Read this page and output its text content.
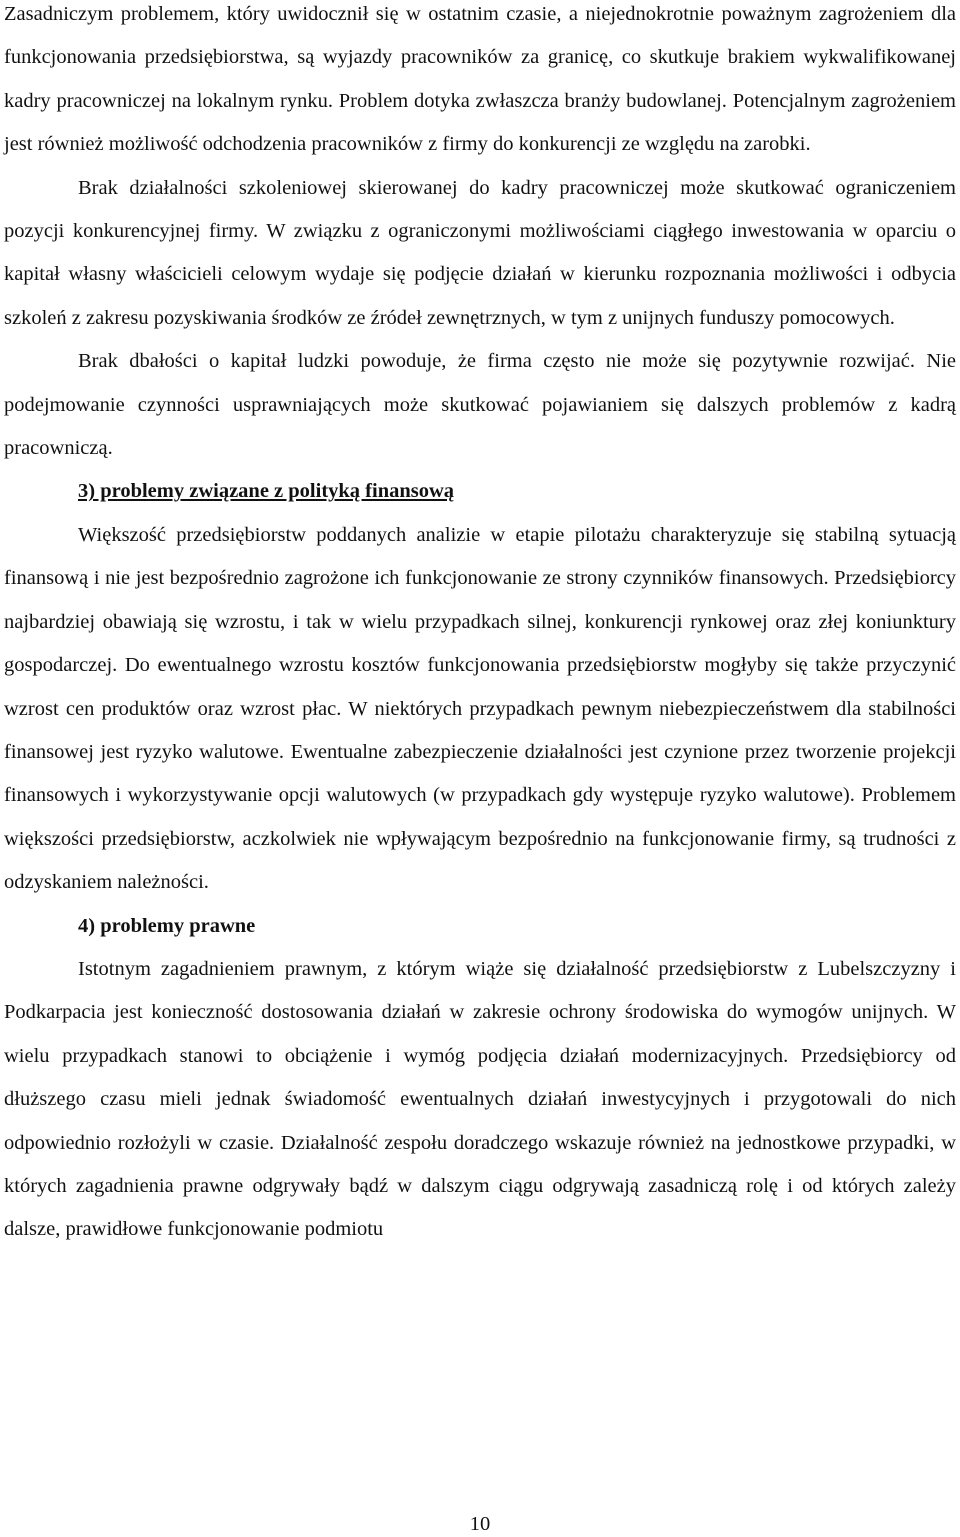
Zasadniczym problemem, który uwidocznił się w ostatnim czasie, a niejednokrotnie poważnym zagrożeniem dla funkcjonowania przedsiębiorstwa, są wyjazdy pracowników za granicę, co skutkuje brakiem wykwalifikowanej kadry pracowniczej na lokalnym rynku. Problem dotyka zwłaszcza branży budowlanej. Potencjalnym zagrożeniem jest również możliwość odchodzenia pracowników z firmy do konkurencji ze względu na zarobki.

Brak działalności szkoleniowej skierowanej do kadry pracowniczej może skutkować ograniczeniem pozycji konkurencyjnej firmy. W związku z ograniczonymi możliwościami ciągłego inwestowania w oparciu o kapitał własny właścicieli celowym wydaje się podjęcie działań w kierunku rozpoznania możliwości i odbycia szkoleń z zakresu pozyskiwania środków ze źródeł zewnętrznych, w tym z unijnych funduszy pomocowych.

Brak dbałości o kapitał ludzki powoduje, że firma często nie może się pozytywnie rozwijać. Nie podejmowanie czynności usprawniających może skutkować pojawianiem się dalszych problemów z kadrą pracowniczą.

3) problemy związane z polityką finansową

Większość przedsiębiorstw poddanych analizie w etapie pilotażu charakteryzuje się stabilną sytuacją finansową i nie jest bezpośrednio zagrożone ich funkcjonowanie ze strony czynników finansowych. Przedsiębiorcy najbardziej obawiają się wzrostu, i tak w wielu przypadkach silnej, konkurencji rynkowej oraz złej koniunktury gospodarczej. Do ewentualnego wzrostu kosztów funkcjonowania przedsiębiorstw mogłyby się także przyczynić wzrost cen produktów oraz wzrost płac. W niektórych przypadkach pewnym niebezpieczeństwem dla stabilności finansowej jest ryzyko walutowe. Ewentualne zabezpieczenie działalności jest czynione przez tworzenie projekcji finansowych i wykorzystywanie opcji walutowych (w przypadkach gdy występuje ryzyko walutowe). Problemem większości przedsiębiorstw, aczkolwiek nie wpływającym bezpośrednio na funkcjonowanie firmy, są trudności z odzyskaniem należności.

4) problemy prawne

Istotnym zagadnieniem prawnym, z którym wiąże się działalność przedsiębiorstw z Lubelszczyzny i Podkarpacia jest konieczność dostosowania działań w zakresie ochrony środowiska do wymogów unijnych. W wielu przypadkach stanowi to obciążenie i wymóg podjęcia działań modernizacyjnych. Przedsiębiorcy od dłuższego czasu mieli jednak świadomość ewentualnych działań inwestycyjnych i przygotowali do nich odpowiednio rozłożyli w czasie. Działalność zespołu doradczego wskazuje również na jednostkowe przypadki, w których zagadnienia prawne odgrywały bądź w dalszym ciągu odgrywają zasadniczą rolę i od których zależy dalsze, prawidłowe funkcjonowanie podmiotu

10
